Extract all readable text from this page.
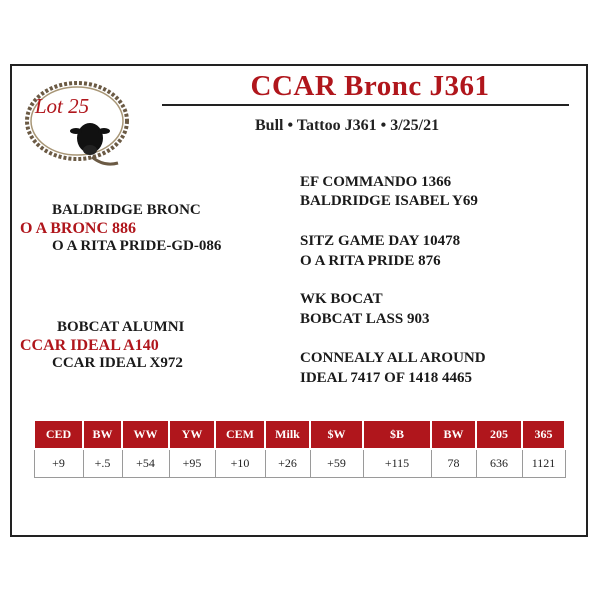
Lot 25
CCAR Bronc J361
Bull • Tattoo J361 • 3/25/21
BALDRIDGE BRONC
O A BRONC 886
O A RITA PRIDE-GD-086
BOBCAT ALUMNI
CCAR IDEAL A140
CCAR IDEAL X972
EF COMMANDO 1366
BALDRIDGE ISABEL Y69
SITZ GAME DAY 10478
O A RITA PRIDE 876
WK BOCAT
BOBCAT LASS 903
CONNEALY ALL AROUND
IDEAL 7417 OF 1418 4465
CED	BW	WW	YW	CEM	Milk	$W	$B	BW	205	365
+9	+.5	+54	+95	+10	+26	+59	+115	78	636	1121
